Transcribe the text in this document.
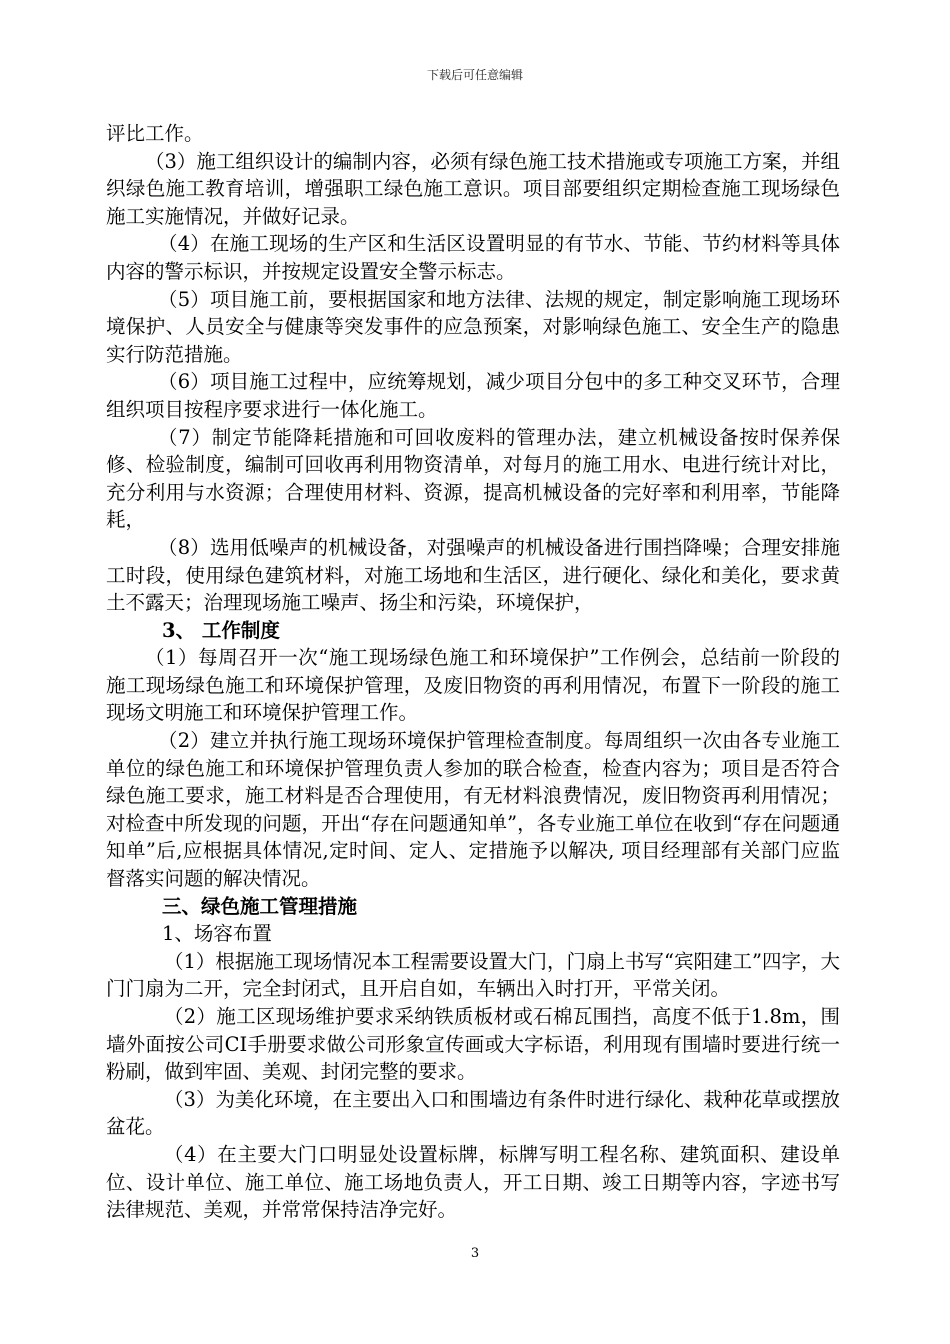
下载后可任意编辑

评比工作。

（3）施工组织设计的编制内容，必须有绿色施工技术措施或专项施工方案，并组织绿色施工教育培训，增强职工绿色施工意识。项目部要组织定期检查施工现场绿色施工实施情况，并做好记录。

（4）在施工现场的生产区和生活区设置明显的有节水、节能、节约材料等具体内容的警示标识，并按规定设置安全警示标志。

（5）项目施工前，要根据国家和地方法律、法规的规定，制定影响施工现场环境保护、人员安全与健康等突发事件的应急预案，对影响绿色施工、安全生产的隐患实行防范措施。

（6）项目施工过程中，应统筹规划，减少项目分包中的多工种交叉环节，合理组织项目按程序要求进行一体化施工。

（7）制定节能降耗措施和可回收废料的管理办法，建立机械设备按时保养保修、检验制度，编制可回收再利用物资清单，对每月的施工用水、电进行统计对比，充分利用与水资源；合理使用材料、资源，提高机械设备的完好率和利用率，节能降耗，

（8）选用低噪声的机械设备，对强噪声的机械设备进行围挡降噪；合理安排施工时段，使用绿色建筑材料，对施工场地和生活区，进行硬化、绿化和美化，要求黄土不露天；治理现场施工噪声、扬尘和污染，环境保护，

3、 工作制度

（1）每周召开一次“施工现场绿色施工和环境保护”工作例会，总结前一阶段的施工现场绿色施工和环境保护管理，及废旧物资的再利用情况，布置下一阶段的施工现场文明施工和环境保护管理工作。

（2）建立并执行施工现场环境保护管理检查制度。每周组织一次由各专业施工单位的绿色施工和环境保护管理负责人参加的联合检查，检查内容为；项目是否符合绿色施工要求，施工材料是否合理使用，有无材料浪费情况，废旧物资再利用情况；对检查中所发现的问题，开出“存在问题通知单”，各专业施工单位在收到“存在问题通知单”后,应根据具体情况,定时间、定人、定措施予以解决, 项目经理部有关部门应监督落实问题的解决情况。

三、绿色施工管理措施

1、场容布置

（1）根据施工现场情况本工程需要设置大门，门扇上书写“宾阳建工”四字，大门门扇为二开，完全封闭式，且开启自如，车辆出入时打开，平常关闭。

（2）施工区现场维护要求采纳铁质板材或石棉瓦围挡，高度不低于1.8m，围墙外面按公司CI手册要求做公司形象宣传画或大字标语，利用现有围墙时要进行统一粉刷，做到牢固、美观、封闭完整的要求。

（3）为美化环境，在主要出入口和围墙边有条件时进行绿化、栽种花草或摆放盆花。

（4）在主要大门口明显处设置标牌，标牌写明工程名称、建筑面积、建设单位、设计单位、施工单位、施工场地负责人，开工日期、竣工日期等内容，字迹书写法律规范、美观，并常常保持洁净完好。

3
